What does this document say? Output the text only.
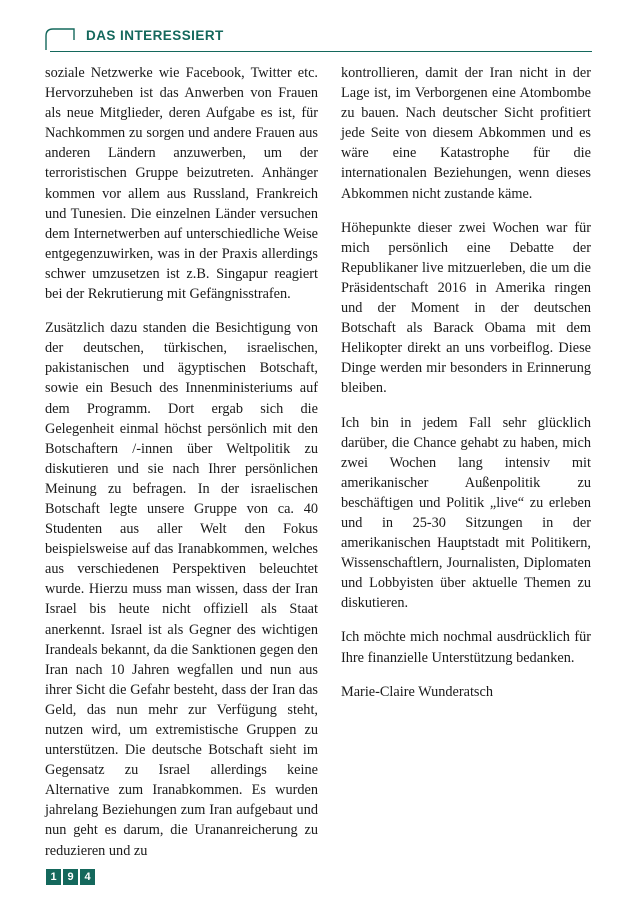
DAS INTERESSIERT

soziale Netzwerke wie Facebook, Twitter etc. Hervorzuheben ist das Anwerben von Frauen als neue Mitglieder, deren Aufgabe es ist, für Nachkommen zu sorgen und andere Frauen aus anderen Ländern anzuwerben, um der terroristischen Gruppe beizutreten. Anhänger kommen vor allem aus Russland, Frankreich und Tunesien. Die einzelnen Länder versuchen dem Internetwerben auf unterschiedliche Weise entgegenzuwirken, was in der Praxis allerdings schwer umzusetzen ist z.B. Singapur reagiert bei der Rekrutierung mit Gefängnisstrafen.

Zusätzlich dazu standen die Besichtigung von der deutschen, türkischen, israelischen, pakistanischen und ägyptischen Botschaft, sowie ein Besuch des Innenministeriums auf dem Programm. Dort ergab sich die Gelegenheit einmal höchst persönlich mit den Botschaftern /-innen über Weltpolitik zu diskutieren und sie nach Ihrer persönlichen Meinung zu befragen. In der israelischen Botschaft legte unsere Gruppe von ca. 40 Studenten aus aller Welt den Fokus beispielsweise auf das Iranabkommen, welches aus verschiedenen Perspektiven beleuchtet wurde. Hierzu muss man wissen, dass der Iran Israel bis heute nicht offiziell als Staat anerkennt. Israel ist als Gegner des wichtigen Irandeals bekannt, da die Sanktionen gegen den Iran nach 10 Jahren wegfallen und nun aus ihrer Sicht die Gefahr besteht, dass der Iran das Geld, das nun mehr zur Verfügung steht, nutzen wird, um extremistische Gruppen zu unterstützen. Die deutsche Botschaft sieht im Gegensatz zu Israel allerdings keine Alternative zum Iranabkommen. Es wurden jahrelang Beziehungen zum Iran aufgebaut und nun geht es darum, die Urananreicherung zu reduzieren und zu

kontrollieren, damit der Iran nicht in der Lage ist, im Verborgenen eine Atombombe zu bauen. Nach deutscher Sicht profitiert jede Seite von diesem Abkommen und es wäre eine Katastrophe für die internationalen Beziehungen, wenn dieses Abkommen nicht zustande käme.

Höhepunkte dieser zwei Wochen war für mich persönlich eine Debatte der Republikaner live mitzuerleben, die um die Präsidentschaft 2016 in Amerika ringen und der Moment in der deutschen Botschaft als Barack Obama mit dem Helikopter direkt an uns vorbeiflog. Diese Dinge werden mir besonders in Erinnerung bleiben.

Ich bin in jedem Fall sehr glücklich darüber, die Chance gehabt zu haben, mich zwei Wochen lang intensiv mit amerikanischer Außenpolitik zu beschäftigen und Politik „live“ zu erleben und in 25-30 Sitzungen in der amerikanischen Hauptstadt mit Politikern, Wissenschaftlern, Journalisten, Diplomaten und Lobbyisten über aktuelle Themen zu diskutieren.

Ich möchte mich nochmal ausdrücklich für Ihre finanzielle Unterstützung bedanken.

Marie-Claire Wunderatsch

1 9 4
